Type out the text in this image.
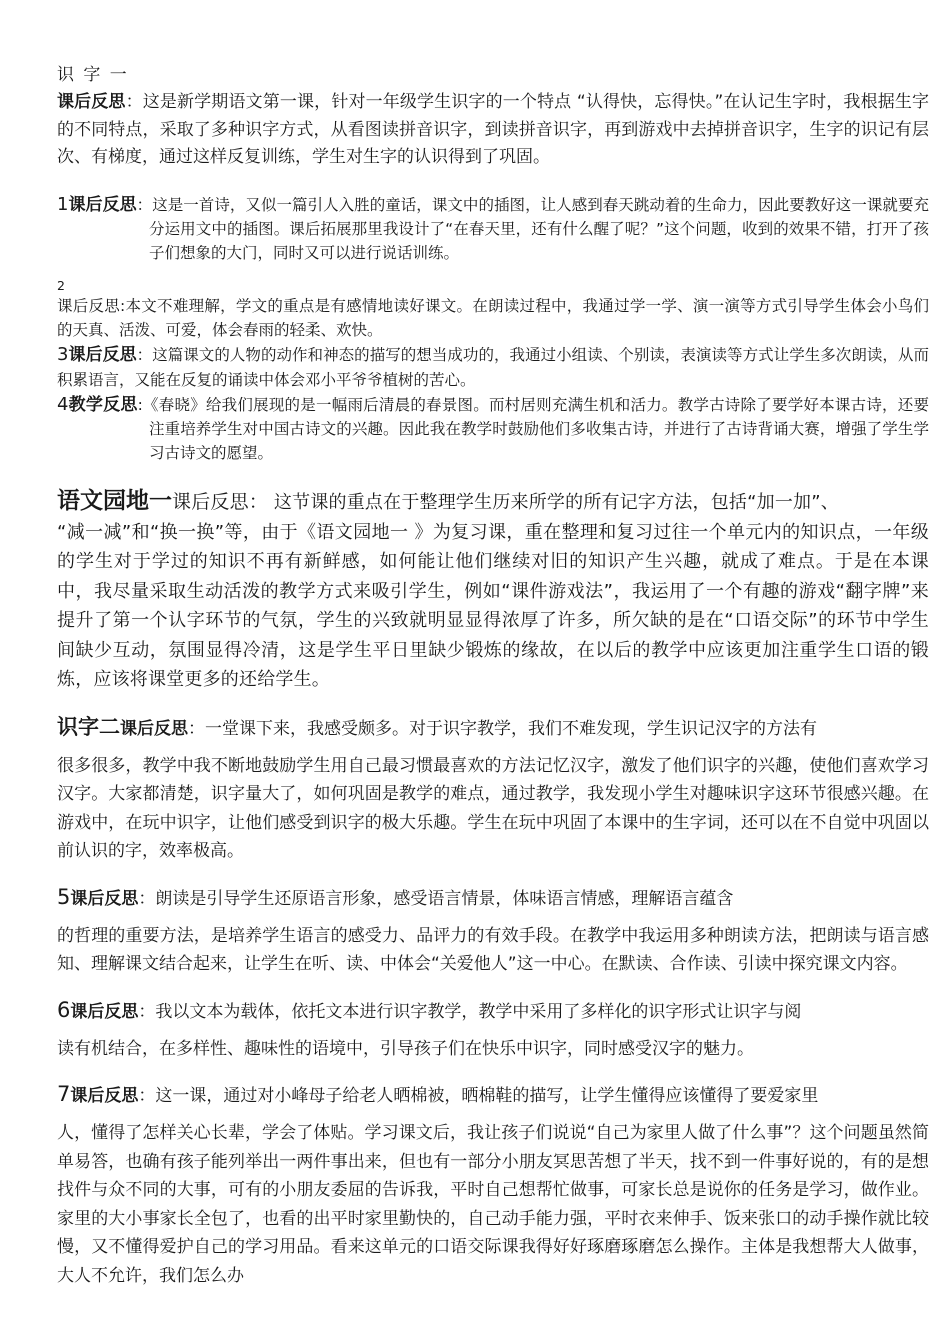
识 字 一

课后反思：这是新学期语文第一课，针对一年级学生识字的一个特点 “认得快，忘得快。”在认记生字时，我根据生字的不同特点，采取了多种识字方式，从看图读拼音识字，到读拼音识字，再到游戏中去掉拼音识字，生字的识记有层次、有梯度，通过这样反复训练，学生对生字的认识得到了巩固。

1课后反思：这是一首诗，又似一篇引人入胜的童话，课文中的插图，让人感到春天跳动着的生命力，因此要教好这一课就要充分运用文中的插图。课后拓展那里我设计了“在春天里，还有什么醒了呢？”这个问题，收到的效果不错，打开了孩子们想象的大门，同时又可以进行说话训练。

2

课后反思:本文不难理解，学文的重点是有感情地读好课文。在朗读过程中，我通过学一学、演一演等方式引导学生体会小鸟们的天真、活泼、可爱，体会春雨的轻柔、欢快。

3课后反思：这篇课文的人物的动作和神态的描写的想当成功的，我通过小组读、个别读，表演读等方式让学生多次朗读，从而积累语言，又能在反复的诵读中体会邓小平爷爷植树的苦心。

4教学反思:《春晓》给我们展现的是一幅雨后清晨的春景图。而村居则充满生机和活力。教学古诗除了要学好本课古诗，还要注重培养学生对中国古诗文的兴趣。因此我在教学时鼓励他们多收集古诗，并进行了古诗背诵大赛，增强了学生学习古诗文的愿望。

语文园地一课后反思： 这节课的重点在于整理学生历来所学的所有记字方法，包括“加一加”、

“减一减”和“换一换”等，由于《语文园地一 》为复习课，重在整理和复习过往一个单元内的知识点，一年级的学生对于学过的知识不再有新鲜感，如何能让他们继续对旧的知识产生兴趣，就成了难点。于是在本课中，我尽量采取生动活泼的教学方式来吸引学生，例如“课件游戏法”，我运用了一个有趣的游戏“翻字牌”来提升了第一个认字环节的气氛，学生的兴致就明显显得浓厚了许多，所欠缺的是在“口语交际”的环节中学生间缺少互动，氛围显得冷清，这是学生平日里缺少锻炼的缘故，在以后的教学中应该更加注重学生口语的锻炼，应该将课堂更多的还给学生。

识字二课后反思：一堂课下来，我感受颇多。对于识字教学，我们不难发现，学生识记汉字的方法有

很多很多，教学中我不断地鼓励学生用自己最习惯最喜欢的方法记忆汉字，激发了他们识字的兴趣，使他们喜欢学习汉字。大家都清楚，识字量大了，如何巩固是教学的难点，通过教学，我发现小学生对趣味识字这环节很感兴趣。在游戏中，在玩中识字，让他们感受到识字的极大乐趣。学生在玩中巩固了本课中的生字词，还可以在不自觉中巩固以前认识的字，效率极高。

5课后反思：朗读是引导学生还原语言形象，感受语言情景，体味语言情感，理解语言蕴含

的哲理的重要方法，是培养学生语言的感受力、品评力的有效手段。在教学中我运用多种朗读方法，把朗读与语言感知、理解课文结合起来，让学生在听、读、中体会“关爱他人”这一中心。在默读、合作读、引读中探究课文内容。

6课后反思：我以文本为载体，依托文本进行识字教学，教学中采用了多样化的识字形式让识字与阅

读有机结合，在多样性、趣味性的语境中，引导孩子们在快乐中识字，同时感受汉字的魅力。

7课后反思：这一课，通过对小峰母子给老人晒棉被，晒棉鞋的描写，让学生懂得应该懂得了要爱家里

人，懂得了怎样关心长辈，学会了体贴。学习课文后，我让孩子们说说“自己为家里人做了什么事”？这个问题虽然简单易答，也确有孩子能列举出一两件事出来，但也有一部分小朋友冥思苦想了半天，找不到一件事好说的，有的是想找件与众不同的大事，可有的小朋友委屈的告诉我，平时自己想帮忙做事，可家长总是说你的任务是学习，做作业。家里的大小事家长全包了，也看的出平时家里勤快的，自己动手能力强，平时衣来伸手、饭来张口的动手操作就比较慢，又不懂得爱护自己的学习用品。看来这单元的口语交际课我得好好琢磨琢磨怎么操作。主体是我想帮大人做事，大人不允许，我们怎么办
